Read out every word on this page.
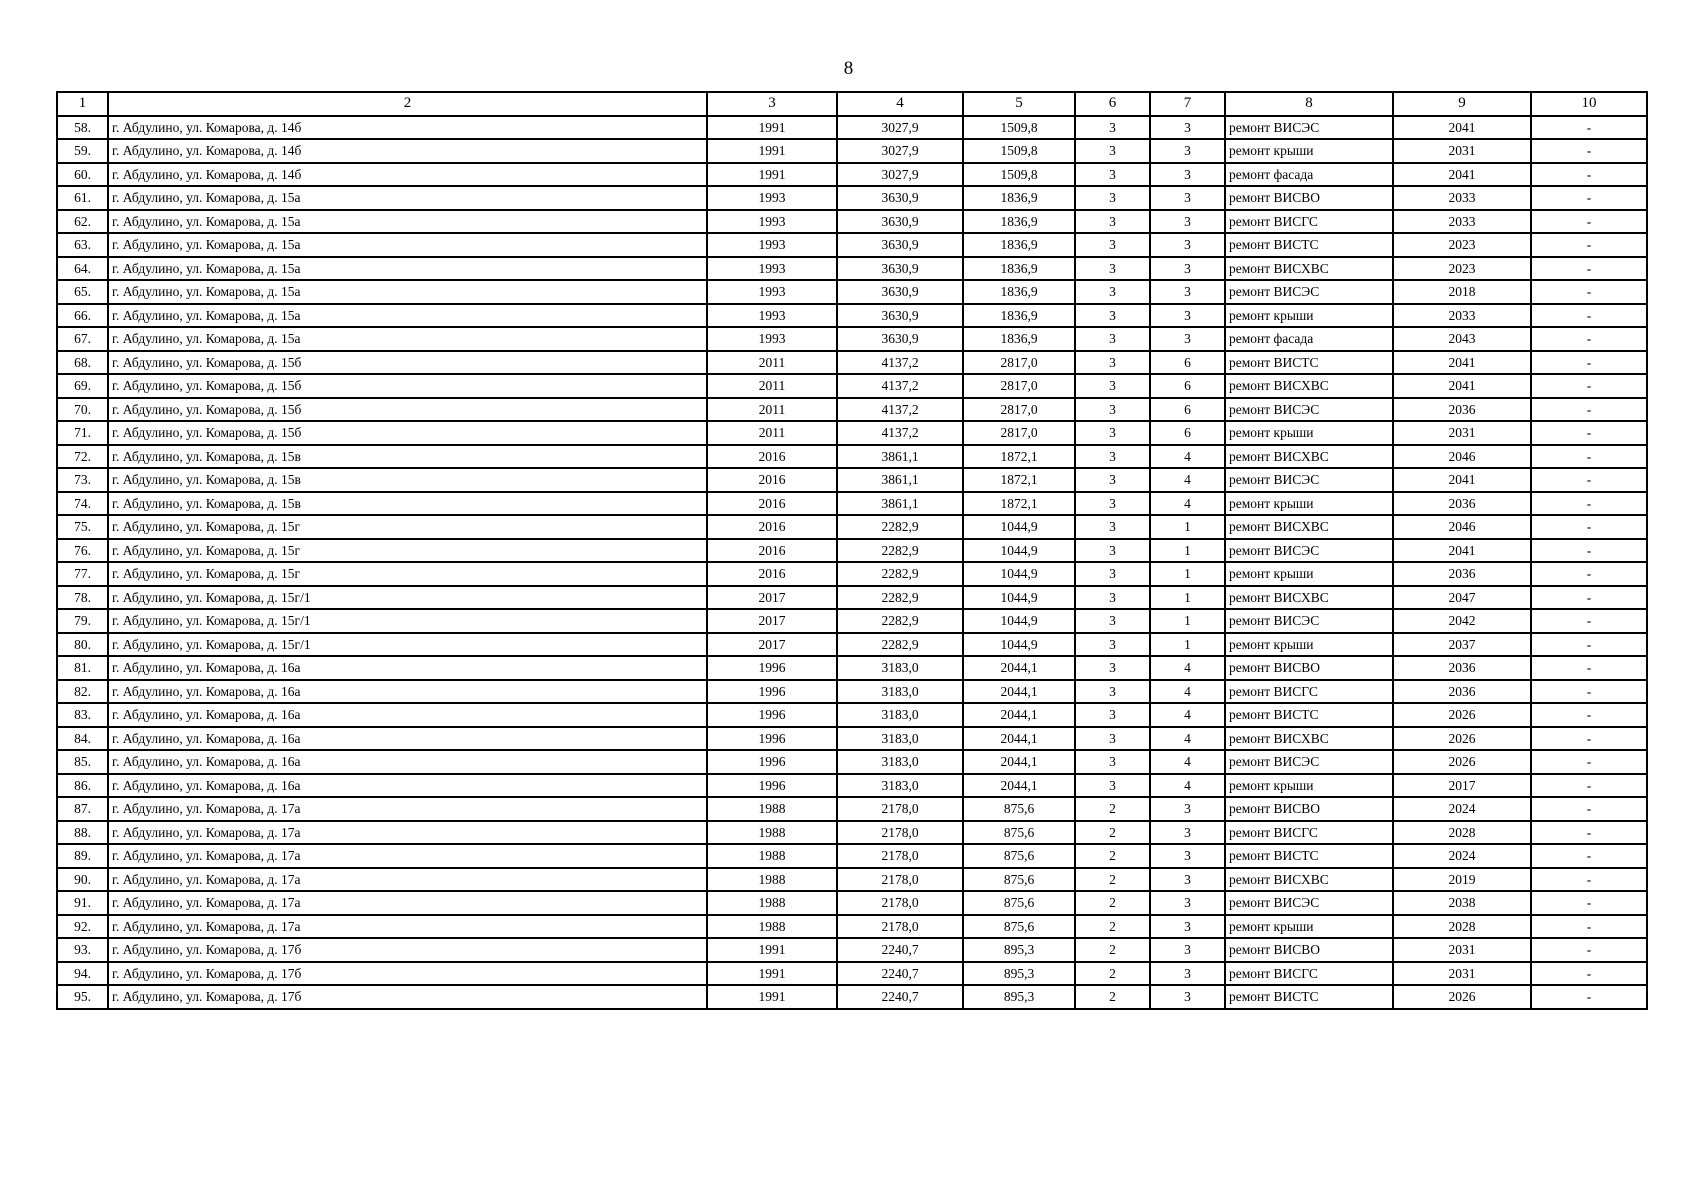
8
1	2	3	4	5	6	7	8	9	10
58.	г. Абдулино, ул. Комарова, д. 14б	1991	3027,9	1509,8	3	3	ремонт ВИСЭС	2041	-
59.	г. Абдулино, ул. Комарова, д. 14б	1991	3027,9	1509,8	3	3	ремонт крыши	2031	-
60.	г. Абдулино, ул. Комарова, д. 14б	1991	3027,9	1509,8	3	3	ремонт фасада	2041	-
61.	г. Абдулино, ул. Комарова, д. 15а	1993	3630,9	1836,9	3	3	ремонт ВИСВО	2033	-
62.	г. Абдулино, ул. Комарова, д. 15а	1993	3630,9	1836,9	3	3	ремонт ВИСГС	2033	-
63.	г. Абдулино, ул. Комарова, д. 15а	1993	3630,9	1836,9	3	3	ремонт ВИСТС	2023	-
64.	г. Абдулино, ул. Комарова, д. 15а	1993	3630,9	1836,9	3	3	ремонт ВИСХВС	2023	-
65.	г. Абдулино, ул. Комарова, д. 15а	1993	3630,9	1836,9	3	3	ремонт ВИСЭС	2018	-
66.	г. Абдулино, ул. Комарова, д. 15а	1993	3630,9	1836,9	3	3	ремонт крыши	2033	-
67.	г. Абдулино, ул. Комарова, д. 15а	1993	3630,9	1836,9	3	3	ремонт фасада	2043	-
68.	г. Абдулино, ул. Комарова, д. 15б	2011	4137,2	2817,0	3	6	ремонт ВИСТС	2041	-
69.	г. Абдулино, ул. Комарова, д. 15б	2011	4137,2	2817,0	3	6	ремонт ВИСХВС	2041	-
70.	г. Абдулино, ул. Комарова, д. 15б	2011	4137,2	2817,0	3	6	ремонт ВИСЭС	2036	-
71.	г. Абдулино, ул. Комарова, д. 15б	2011	4137,2	2817,0	3	6	ремонт крыши	2031	-
72.	г. Абдулино, ул. Комарова, д. 15в	2016	3861,1	1872,1	3	4	ремонт ВИСХВС	2046	-
73.	г. Абдулино, ул. Комарова, д. 15в	2016	3861,1	1872,1	3	4	ремонт ВИСЭС	2041	-
74.	г. Абдулино, ул. Комарова, д. 15в	2016	3861,1	1872,1	3	4	ремонт крыши	2036	-
75.	г. Абдулино, ул. Комарова, д. 15г	2016	2282,9	1044,9	3	1	ремонт ВИСХВС	2046	-
76.	г. Абдулино, ул. Комарова, д. 15г	2016	2282,9	1044,9	3	1	ремонт ВИСЭС	2041	-
77.	г. Абдулино, ул. Комарова, д. 15г	2016	2282,9	1044,9	3	1	ремонт крыши	2036	-
78.	г. Абдулино, ул. Комарова, д. 15г/1	2017	2282,9	1044,9	3	1	ремонт ВИСХВС	2047	-
79.	г. Абдулино, ул. Комарова, д. 15г/1	2017	2282,9	1044,9	3	1	ремонт ВИСЭС	2042	-
80.	г. Абдулино, ул. Комарова, д. 15г/1	2017	2282,9	1044,9	3	1	ремонт крыши	2037	-
81.	г. Абдулино, ул. Комарова, д. 16а	1996	3183,0	2044,1	3	4	ремонт ВИСВО	2036	-
82.	г. Абдулино, ул. Комарова, д. 16а	1996	3183,0	2044,1	3	4	ремонт ВИСГС	2036	-
83.	г. Абдулино, ул. Комарова, д. 16а	1996	3183,0	2044,1	3	4	ремонт ВИСТС	2026	-
84.	г. Абдулино, ул. Комарова, д. 16а	1996	3183,0	2044,1	3	4	ремонт ВИСХВС	2026	-
85.	г. Абдулино, ул. Комарова, д. 16а	1996	3183,0	2044,1	3	4	ремонт ВИСЭС	2026	-
86.	г. Абдулино, ул. Комарова, д. 16а	1996	3183,0	2044,1	3	4	ремонт крыши	2017	-
87.	г. Абдулино, ул. Комарова, д. 17а	1988	2178,0	875,6	2	3	ремонт ВИСВО	2024	-
88.	г. Абдулино, ул. Комарова, д. 17а	1988	2178,0	875,6	2	3	ремонт ВИСГС	2028	-
89.	г. Абдулино, ул. Комарова, д. 17а	1988	2178,0	875,6	2	3	ремонт ВИСТС	2024	-
90.	г. Абдулино, ул. Комарова, д. 17а	1988	2178,0	875,6	2	3	ремонт ВИСХВС	2019	-
91.	г. Абдулино, ул. Комарова, д. 17а	1988	2178,0	875,6	2	3	ремонт ВИСЭС	2038	-
92.	г. Абдулино, ул. Комарова, д. 17а	1988	2178,0	875,6	2	3	ремонт крыши	2028	-
93.	г. Абдулино, ул. Комарова, д. 17б	1991	2240,7	895,3	2	3	ремонт ВИСВО	2031	-
94.	г. Абдулино, ул. Комарова, д. 17б	1991	2240,7	895,3	2	3	ремонт ВИСГС	2031	-
95.	г. Абдулино, ул. Комарова, д. 17б	1991	2240,7	895,3	2	3	ремонт ВИСТС	2026	-
